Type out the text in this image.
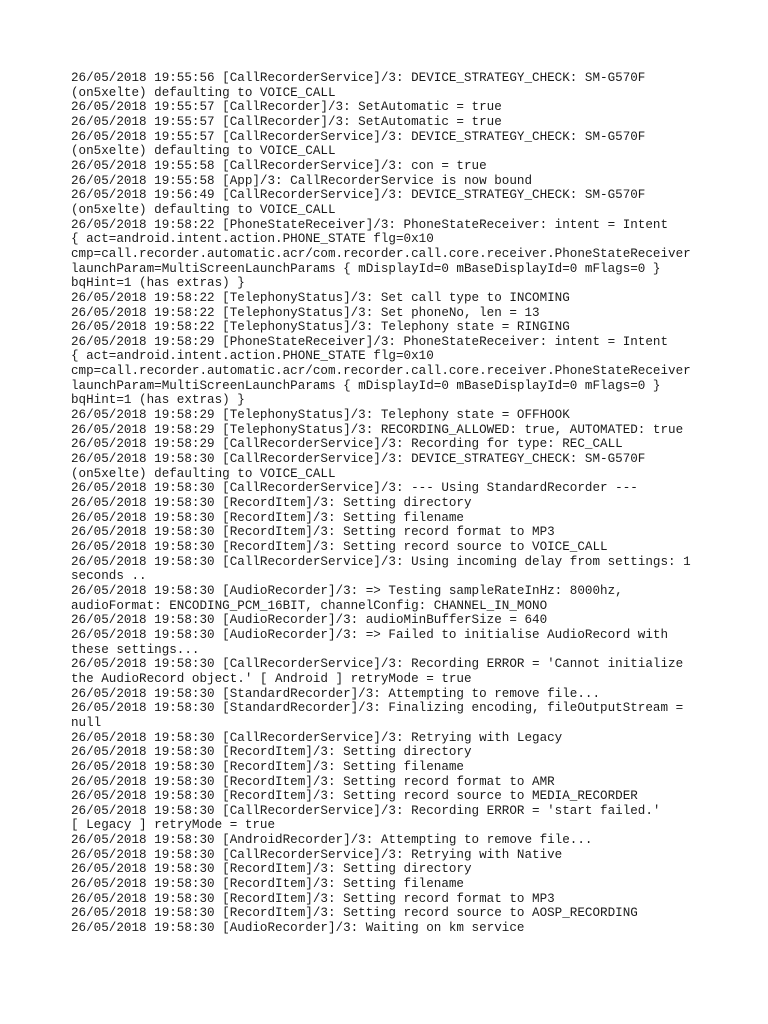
26/05/2018 19:55:56 [CallRecorderService]/3: DEVICE_STRATEGY_CHECK: SM-G570F
(on5xelte) defaulting to VOICE_CALL
26/05/2018 19:55:57 [CallRecorder]/3: SetAutomatic = true
26/05/2018 19:55:57 [CallRecorder]/3: SetAutomatic = true
26/05/2018 19:55:57 [CallRecorderService]/3: DEVICE_STRATEGY_CHECK: SM-G570F
(on5xelte) defaulting to VOICE_CALL
26/05/2018 19:55:58 [CallRecorderService]/3: con = true
26/05/2018 19:55:58 [App]/3: CallRecorderService is now bound
26/05/2018 19:56:49 [CallRecorderService]/3: DEVICE_STRATEGY_CHECK: SM-G570F
(on5xelte) defaulting to VOICE_CALL
26/05/2018 19:58:22 [PhoneStateReceiver]/3: PhoneStateReceiver: intent = Intent
{ act=android.intent.action.PHONE_STATE flg=0x10
cmp=call.recorder.automatic.acr/com.recorder.call.core.receiver.PhoneStateReceiver
launchParam=MultiScreenLaunchParams { mDisplayId=0 mBaseDisplayId=0 mFlags=0 }
bqHint=1 (has extras) }
26/05/2018 19:58:22 [TelephonyStatus]/3: Set call type to INCOMING
26/05/2018 19:58:22 [TelephonyStatus]/3: Set phoneNo, len = 13
26/05/2018 19:58:22 [TelephonyStatus]/3: Telephony state = RINGING
26/05/2018 19:58:29 [PhoneStateReceiver]/3: PhoneStateReceiver: intent = Intent
{ act=android.intent.action.PHONE_STATE flg=0x10
cmp=call.recorder.automatic.acr/com.recorder.call.core.receiver.PhoneStateReceiver
launchParam=MultiScreenLaunchParams { mDisplayId=0 mBaseDisplayId=0 mFlags=0 }
bqHint=1 (has extras) }
26/05/2018 19:58:29 [TelephonyStatus]/3: Telephony state = OFFHOOK
26/05/2018 19:58:29 [TelephonyStatus]/3: RECORDING_ALLOWED: true, AUTOMATED: true
26/05/2018 19:58:29 [CallRecorderService]/3: Recording for type: REC_CALL
26/05/2018 19:58:30 [CallRecorderService]/3: DEVICE_STRATEGY_CHECK: SM-G570F
(on5xelte) defaulting to VOICE_CALL
26/05/2018 19:58:30 [CallRecorderService]/3: --- Using StandardRecorder ---
26/05/2018 19:58:30 [RecordItem]/3: Setting directory
26/05/2018 19:58:30 [RecordItem]/3: Setting filename
26/05/2018 19:58:30 [RecordItem]/3: Setting record format to MP3
26/05/2018 19:58:30 [RecordItem]/3: Setting record source to VOICE_CALL
26/05/2018 19:58:30 [CallRecorderService]/3: Using incoming delay from settings: 1
seconds ..
26/05/2018 19:58:30 [AudioRecorder]/3: => Testing sampleRateInHz: 8000hz,
audioFormat: ENCODING_PCM_16BIT, channelConfig: CHANNEL_IN_MONO
26/05/2018 19:58:30 [AudioRecorder]/3: audioMinBufferSize = 640
26/05/2018 19:58:30 [AudioRecorder]/3: => Failed to initialise AudioRecord with
these settings...
26/05/2018 19:58:30 [CallRecorderService]/3: Recording ERROR = 'Cannot initialize
the AudioRecord object.' [ Android ] retryMode = true
26/05/2018 19:58:30 [StandardRecorder]/3: Attempting to remove file...
26/05/2018 19:58:30 [StandardRecorder]/3: Finalizing encoding, fileOutputStream =
null
26/05/2018 19:58:30 [CallRecorderService]/3: Retrying with Legacy
26/05/2018 19:58:30 [RecordItem]/3: Setting directory
26/05/2018 19:58:30 [RecordItem]/3: Setting filename
26/05/2018 19:58:30 [RecordItem]/3: Setting record format to AMR
26/05/2018 19:58:30 [RecordItem]/3: Setting record source to MEDIA_RECORDER
26/05/2018 19:58:30 [CallRecorderService]/3: Recording ERROR = 'start failed.'
[ Legacy ] retryMode = true
26/05/2018 19:58:30 [AndroidRecorder]/3: Attempting to remove file...
26/05/2018 19:58:30 [CallRecorderService]/3: Retrying with Native
26/05/2018 19:58:30 [RecordItem]/3: Setting directory
26/05/2018 19:58:30 [RecordItem]/3: Setting filename
26/05/2018 19:58:30 [RecordItem]/3: Setting record format to MP3
26/05/2018 19:58:30 [RecordItem]/3: Setting record source to AOSP_RECORDING
26/05/2018 19:58:30 [AudioRecorder]/3: Waiting on km service
